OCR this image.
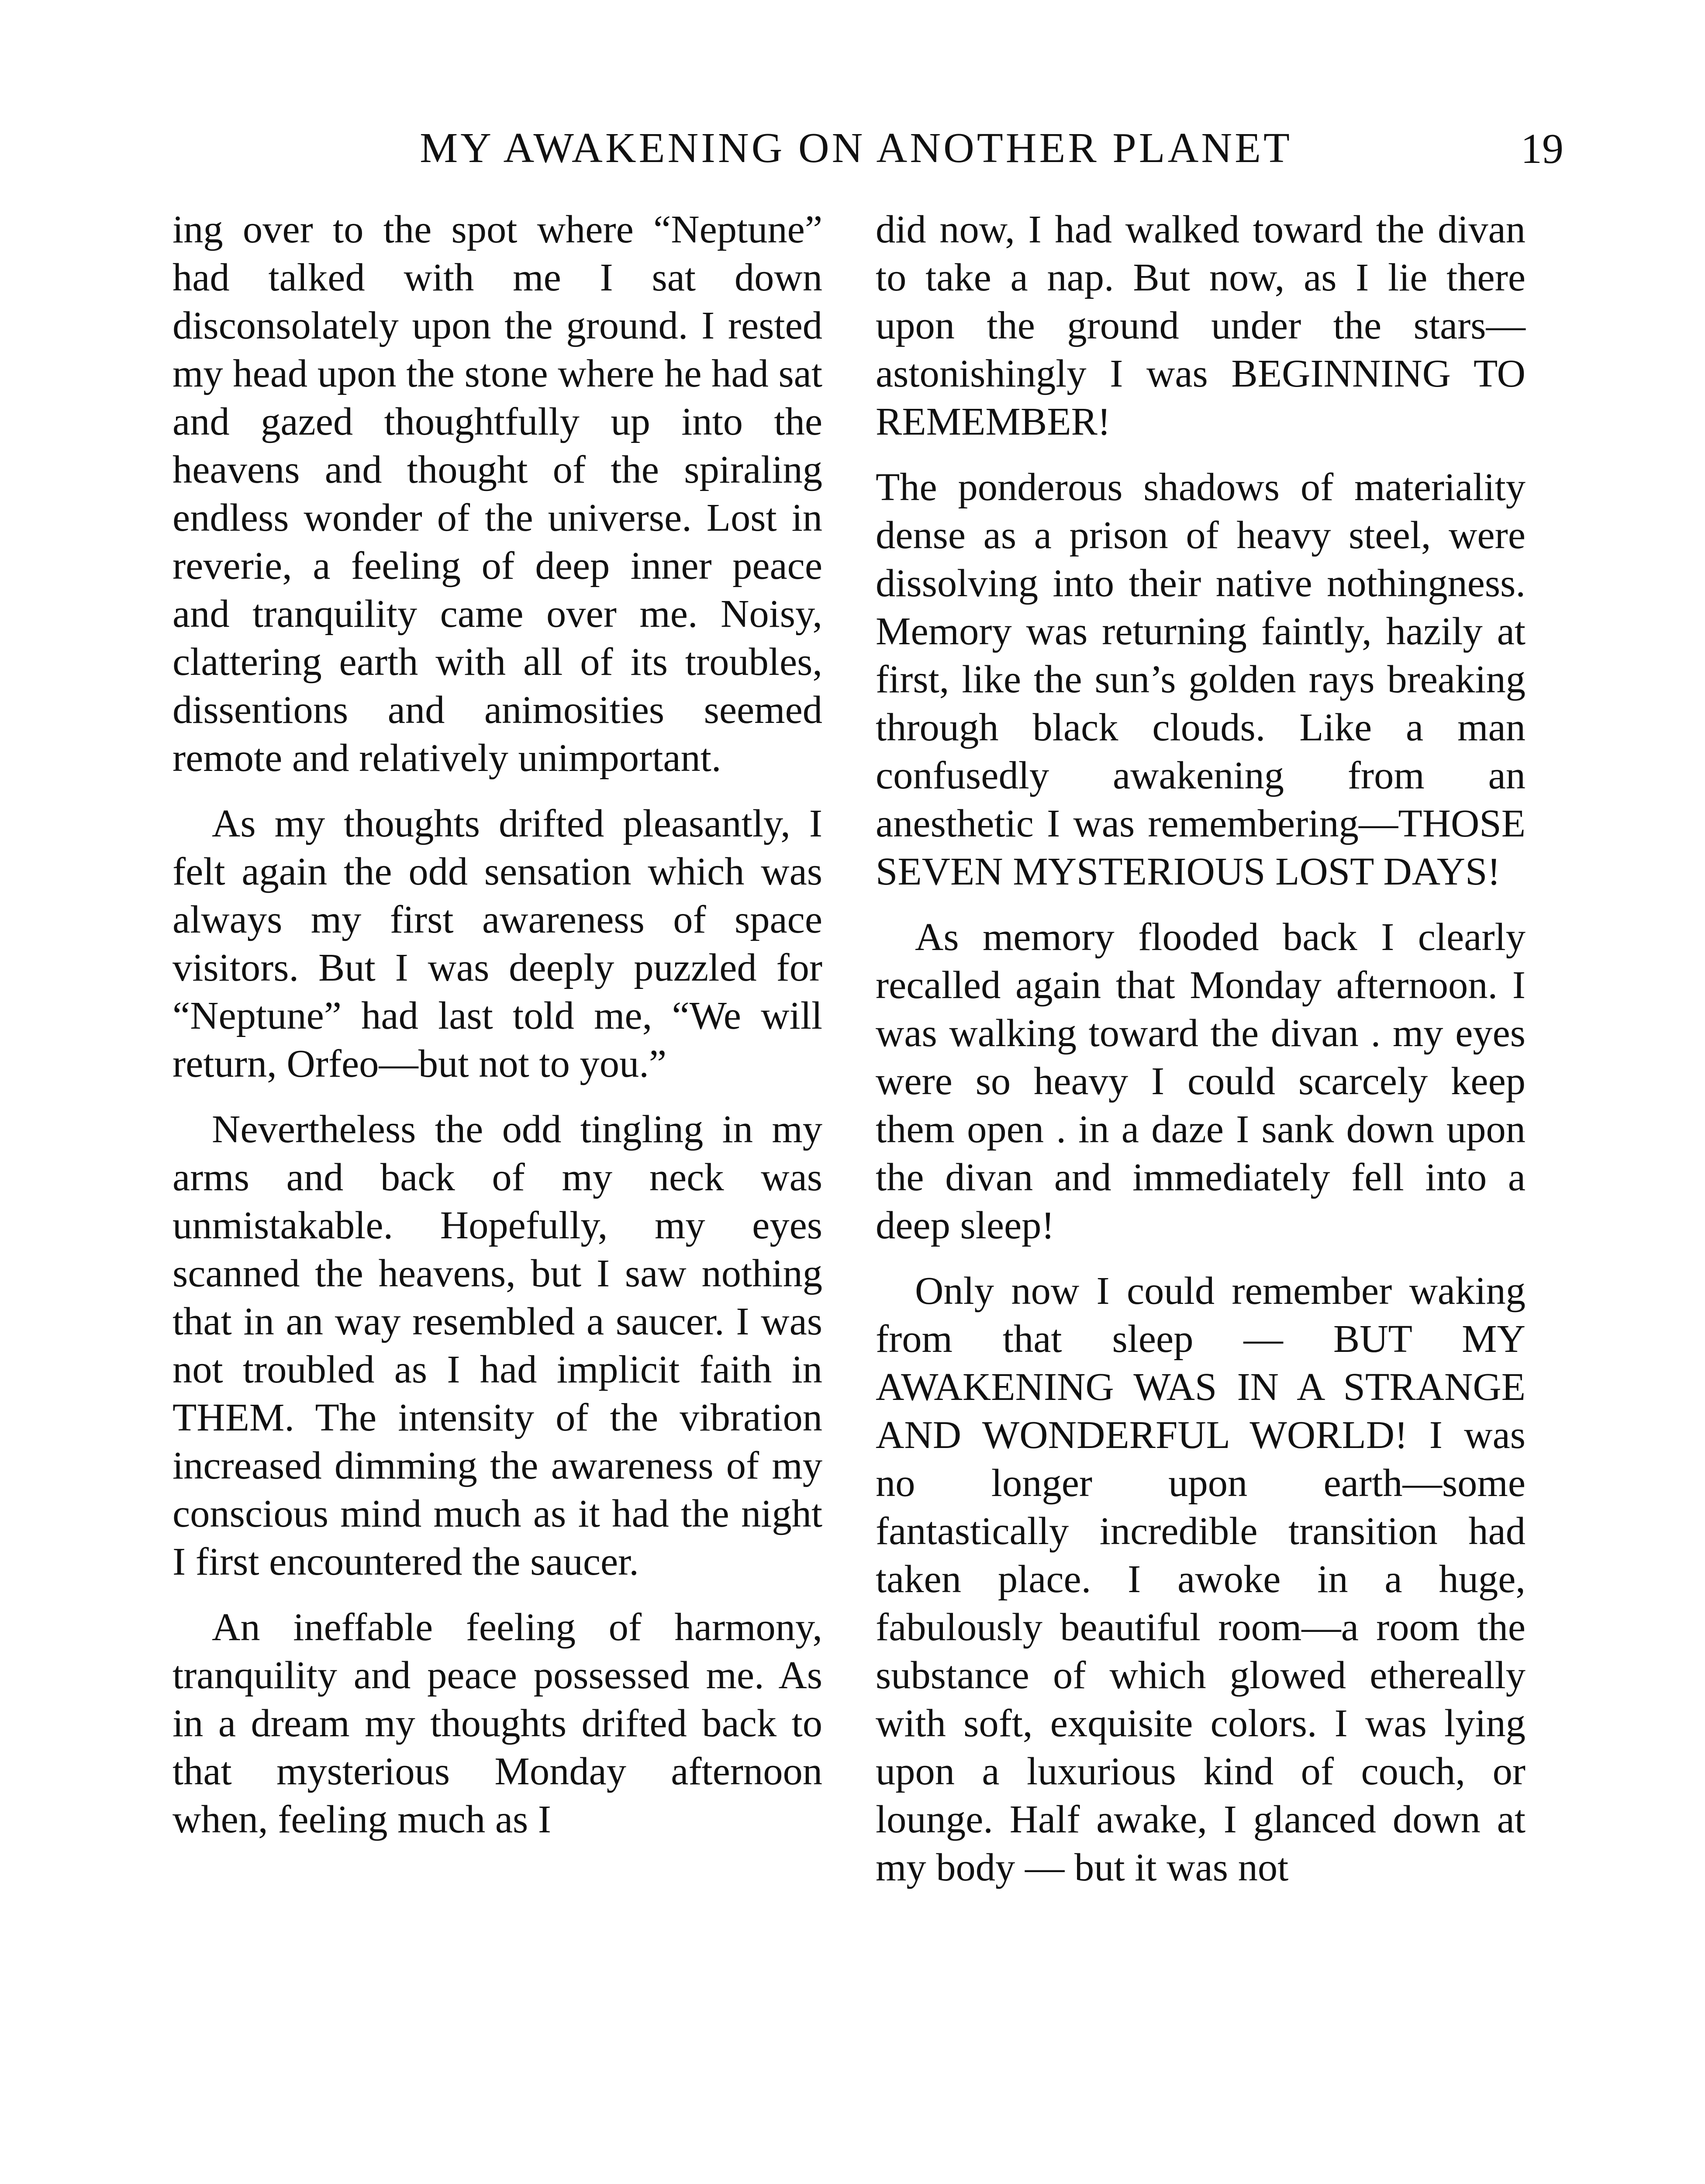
MY AWAKENING ON ANOTHER PLANET	19

ing over to the spot where “Neptune” had talked with me I sat down disconsolately upon the ground. I rested my head upon the stone where he had sat and gazed thoughtfully up into the heavens and thought of the spiraling endless wonder of the universe. Lost in reverie, a feeling of deep inner peace and tranquility came over me. Noisy, clattering earth with all of its troubles, dissentions and animosities seemed remote and relatively unimportant.

As my thoughts drifted pleasantly, I felt again the odd sensation which was always my first awareness of space visitors. But I was deeply puzzled for “Neptune” had last told me, “We will return, Orfeo—but not to you.”

Nevertheless the odd tingling in my arms and back of my neck was unmistakable. Hopefully, my eyes scanned the heavens, but I saw nothing that in an way resembled a saucer. I was not troubled as I had implicit faith in THEM. The intensity of the vibration increased dimming the awareness of my conscious mind much as it had the night I first encountered the saucer.

An ineffable feeling of harmony, tranquility and peace possessed me. As in a dream my thoughts drifted back to that mysterious Monday afternoon when, feeling much as I

did now, I had walked toward the divan to take a nap. But now, as I lie there upon the ground under the stars—astonishingly I was BEGINNING TO REMEMBER!

The ponderous shadows of materiality dense as a prison of heavy steel, were dissolving into their native nothingness. Memory was returning faintly, hazily at first, like the sun’s golden rays breaking through black clouds. Like a man confusedly awakening from an anesthetic I was remembering—THOSE SEVEN MYSTERIOUS LOST DAYS!

As memory flooded back I clearly recalled again that Monday afternoon. I was walking toward the divan . my eyes were so heavy I could scarcely keep them open . in a daze I sank down upon the divan and immediately fell into a deep sleep!

Only now I could remember waking from that sleep — BUT MY AWAKENING WAS IN A STRANGE AND WONDERFUL WORLD! I was no longer upon earth—some fantastically incredible transition had taken place. I awoke in a huge, fabulously beautiful room—a room the substance of which glowed ethereally with soft, exquisite colors. I was lying upon a luxurious kind of couch, or lounge. Half awake, I glanced down at my body — but it was not
